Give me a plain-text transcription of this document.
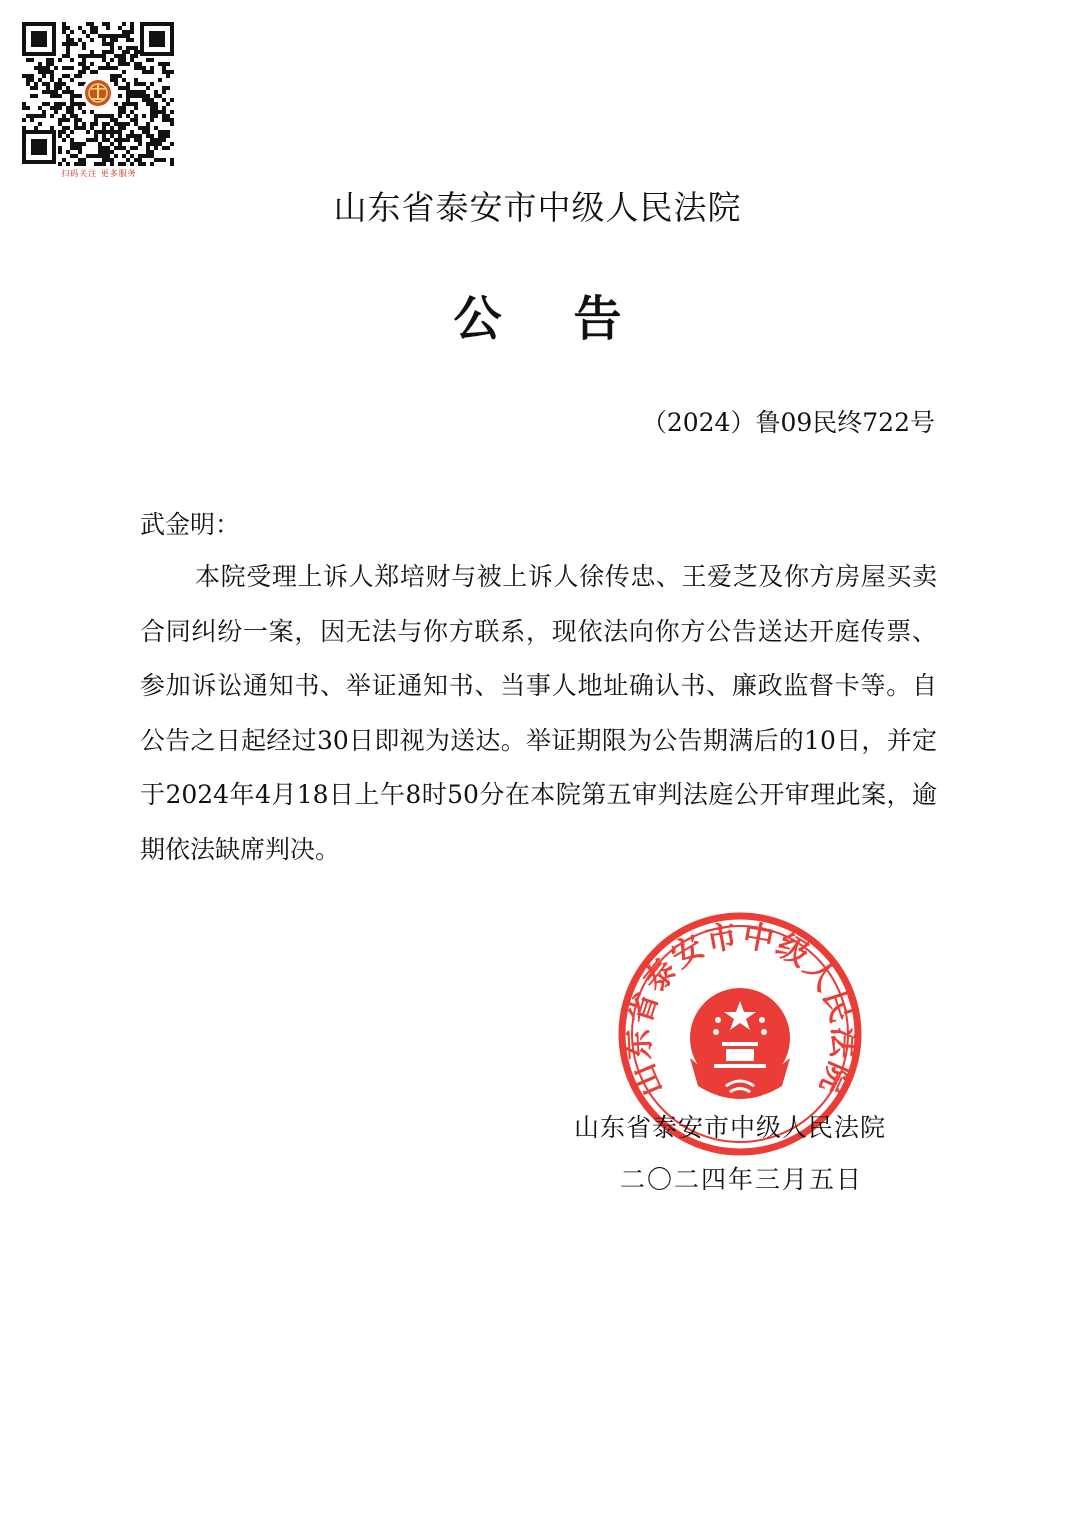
扫码关注 更多服务
山东省泰安市中级人民法院
公 告
（2024）鲁09民终722号
武金明：

本院受理上诉人郑培财与被上诉人徐传忠、王爱芝及你方房屋买卖合同纠纷一案，因无法与你方联系，现依法向你方公告送达开庭传票、参加诉讼通知书、举证通知书、当事人地址确认书、廉政监督卡等。自公告之日起经过30日即视为送达。举证期限为公告期满后的10日，并定于2024年4月18日上午8时50分在本院第五审判法庭公开审理此案，逾期依法缺席判决。

山东省泰安市中级人民法院
山东省泰安市中级人民法院
二〇二四年三月五日
